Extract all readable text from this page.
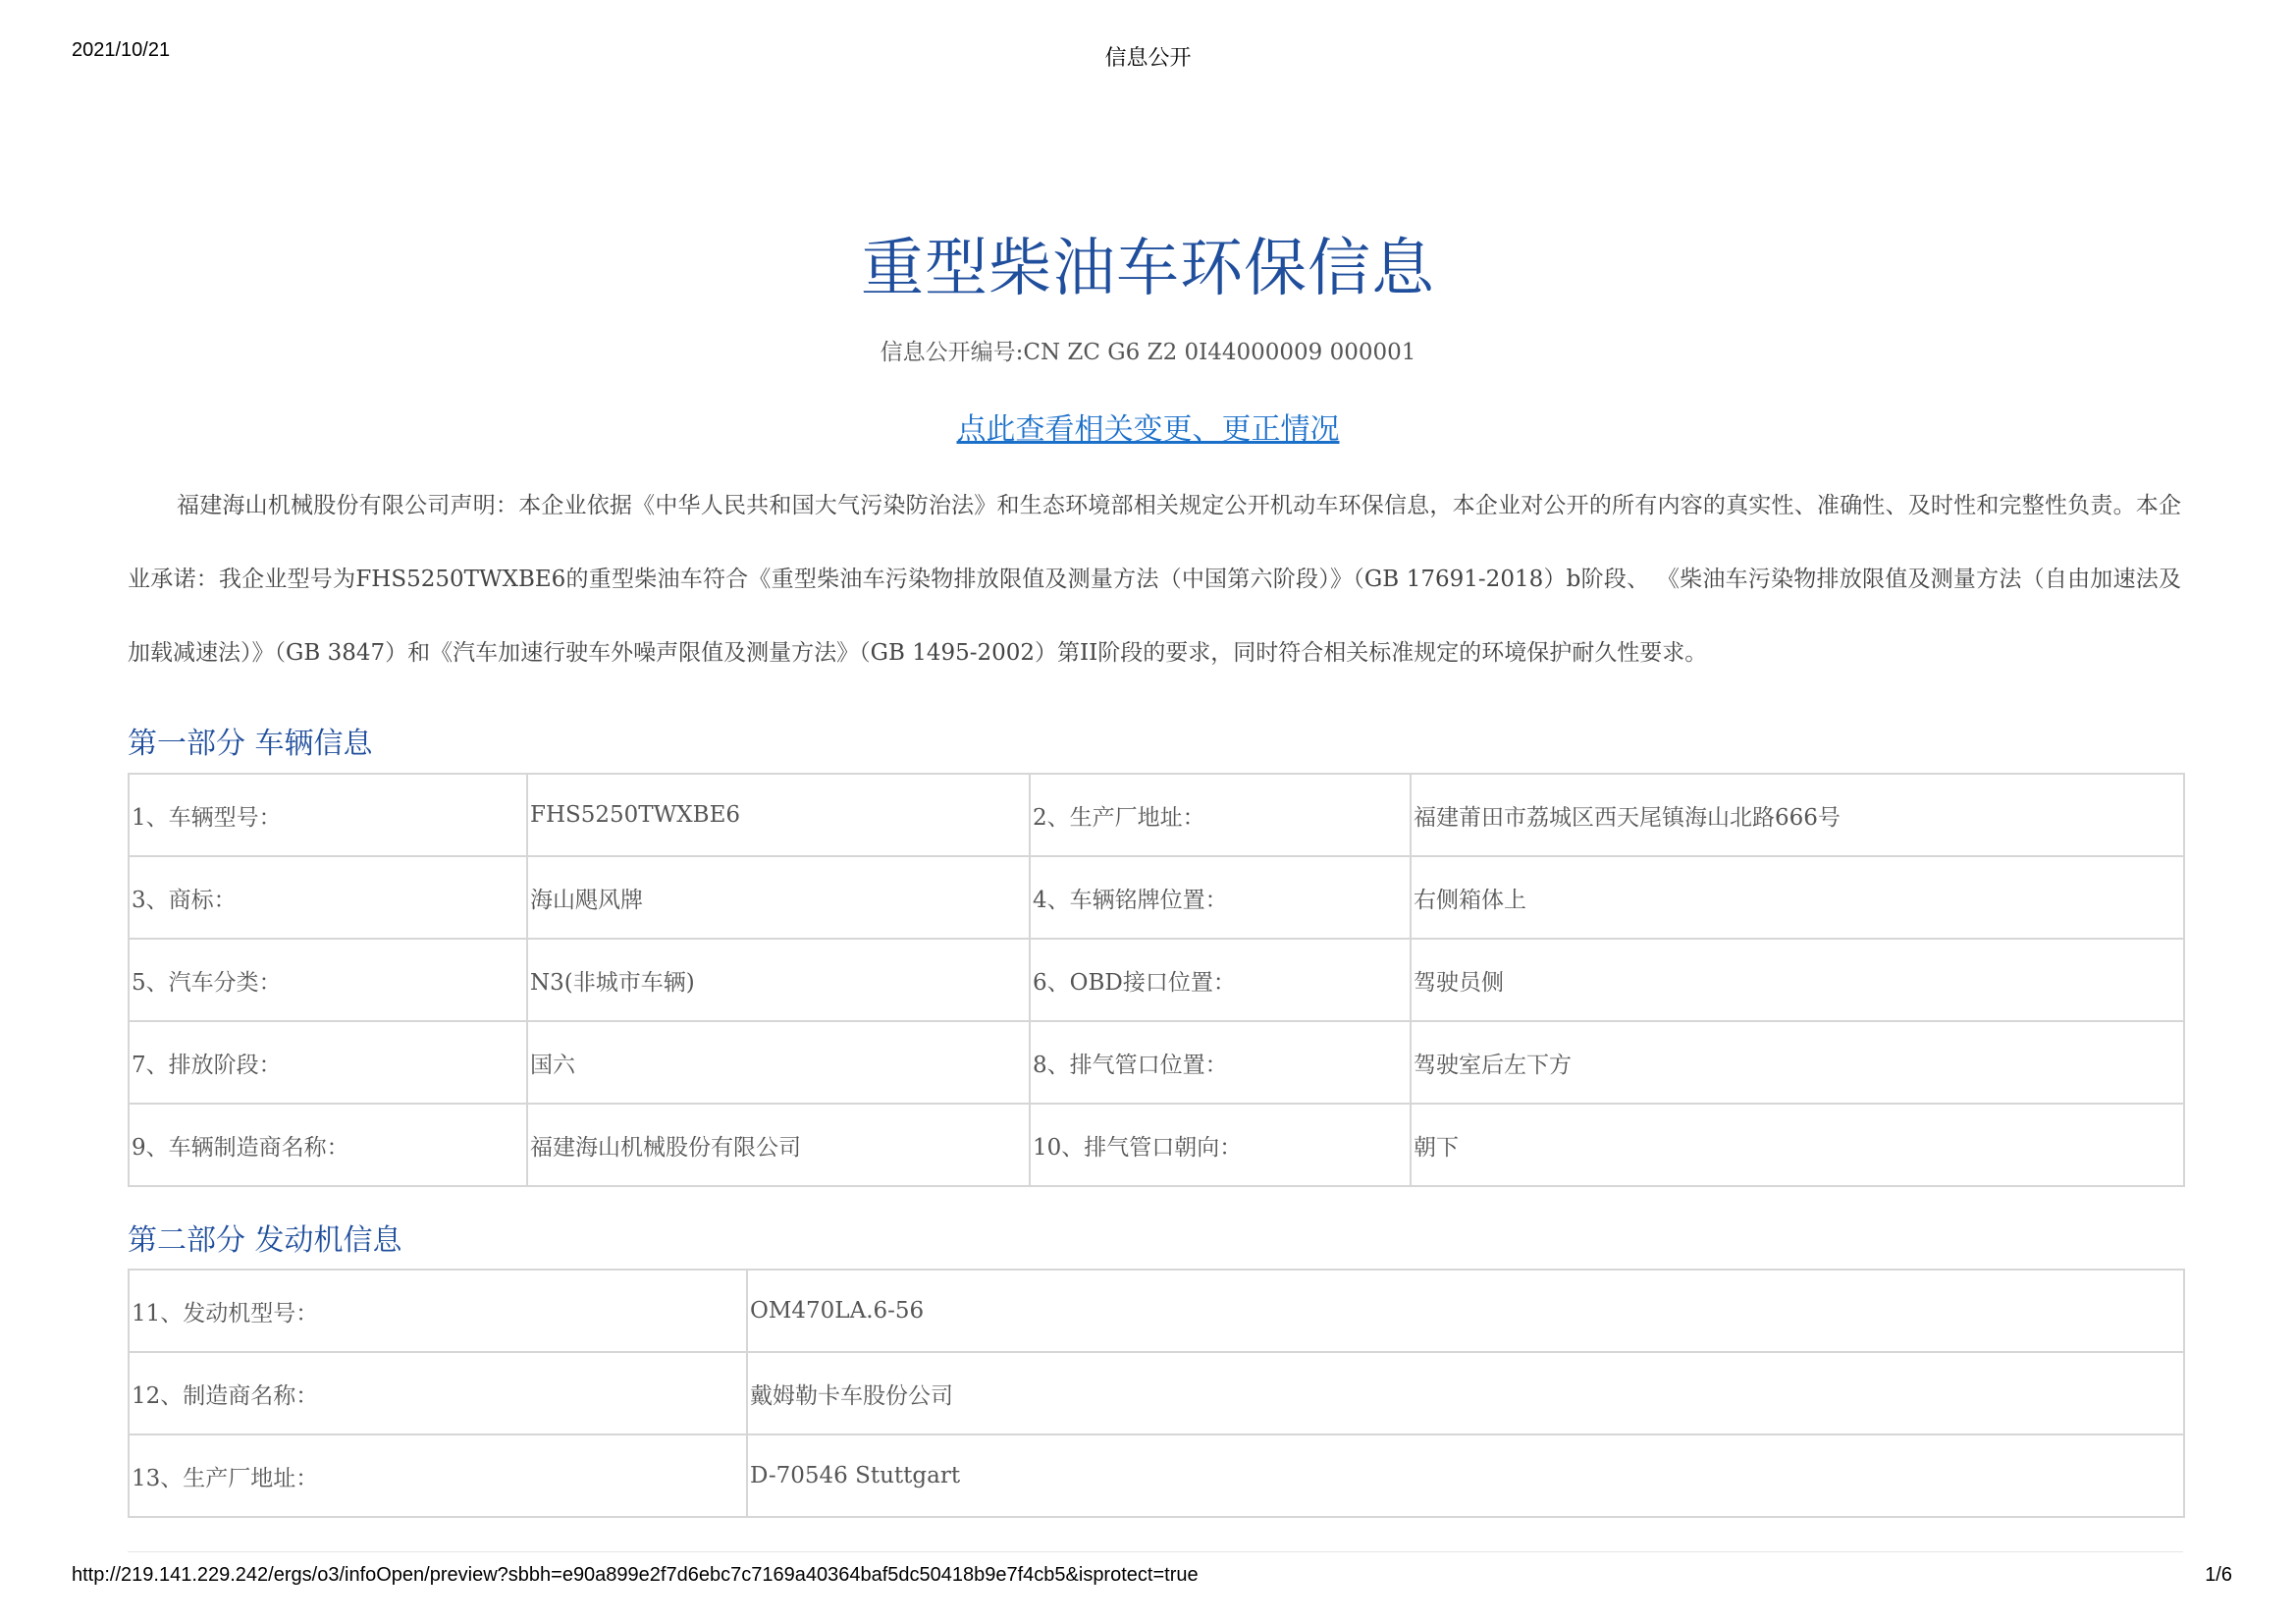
2021/10/21	信息公开
重型柴油车环保信息
信息公开编号:CN ZC G6 Z2 0I44000009 000001
点此查看相关变更、更正情况

福建海山机械股份有限公司声明：本企业依据《中华人民共和国大气污染防治法》和生态环境部相关规定公开机动车环保信息，本企业对公开的所有内容的真实性、准确性、及时性和完整性负责。本企业承诺：我企业型号为FHS5250TWXBE6的重型柴油车符合《重型柴油车污染物排放限值及测量方法（中国第六阶段）》（GB 17691-2018）b阶段、 《柴油车污染物排放限值及测量方法（自由加速法及加载减速法）》（GB 3847）和《汽车加速行驶车外噪声限值及测量方法》（GB 1495-2002）第II阶段的要求，同时符合相关标准规定的环境保护耐久性要求。

第一部分 车辆信息
1、车辆型号：	FHS5250TWXBE6	2、生产厂地址：	福建莆田市荔城区西天尾镇海山北路666号
3、商标：	海山飓风牌	4、车辆铭牌位置：	右侧箱体上
5、汽车分类：	N3(非城市车辆)	6、OBD接口位置：	驾驶员侧
7、排放阶段：	国六	8、排气管口位置：	驾驶室后左下方
9、车辆制造商名称：	福建海山机械股份有限公司	10、排气管口朝向：	朝下
第二部分 发动机信息
11、发动机型号：	OM470LA.6-56
12、制造商名称：	戴姆勒卡车股份公司
13、生产厂地址：	D-70546 Stuttgart
http://219.141.229.242/ergs/o3/infoOpen/preview?sbbh=e90a899e2f7d6ebc7c7169a40364baf5dc50418b9e7f4cb5&isprotect=true	1/6
